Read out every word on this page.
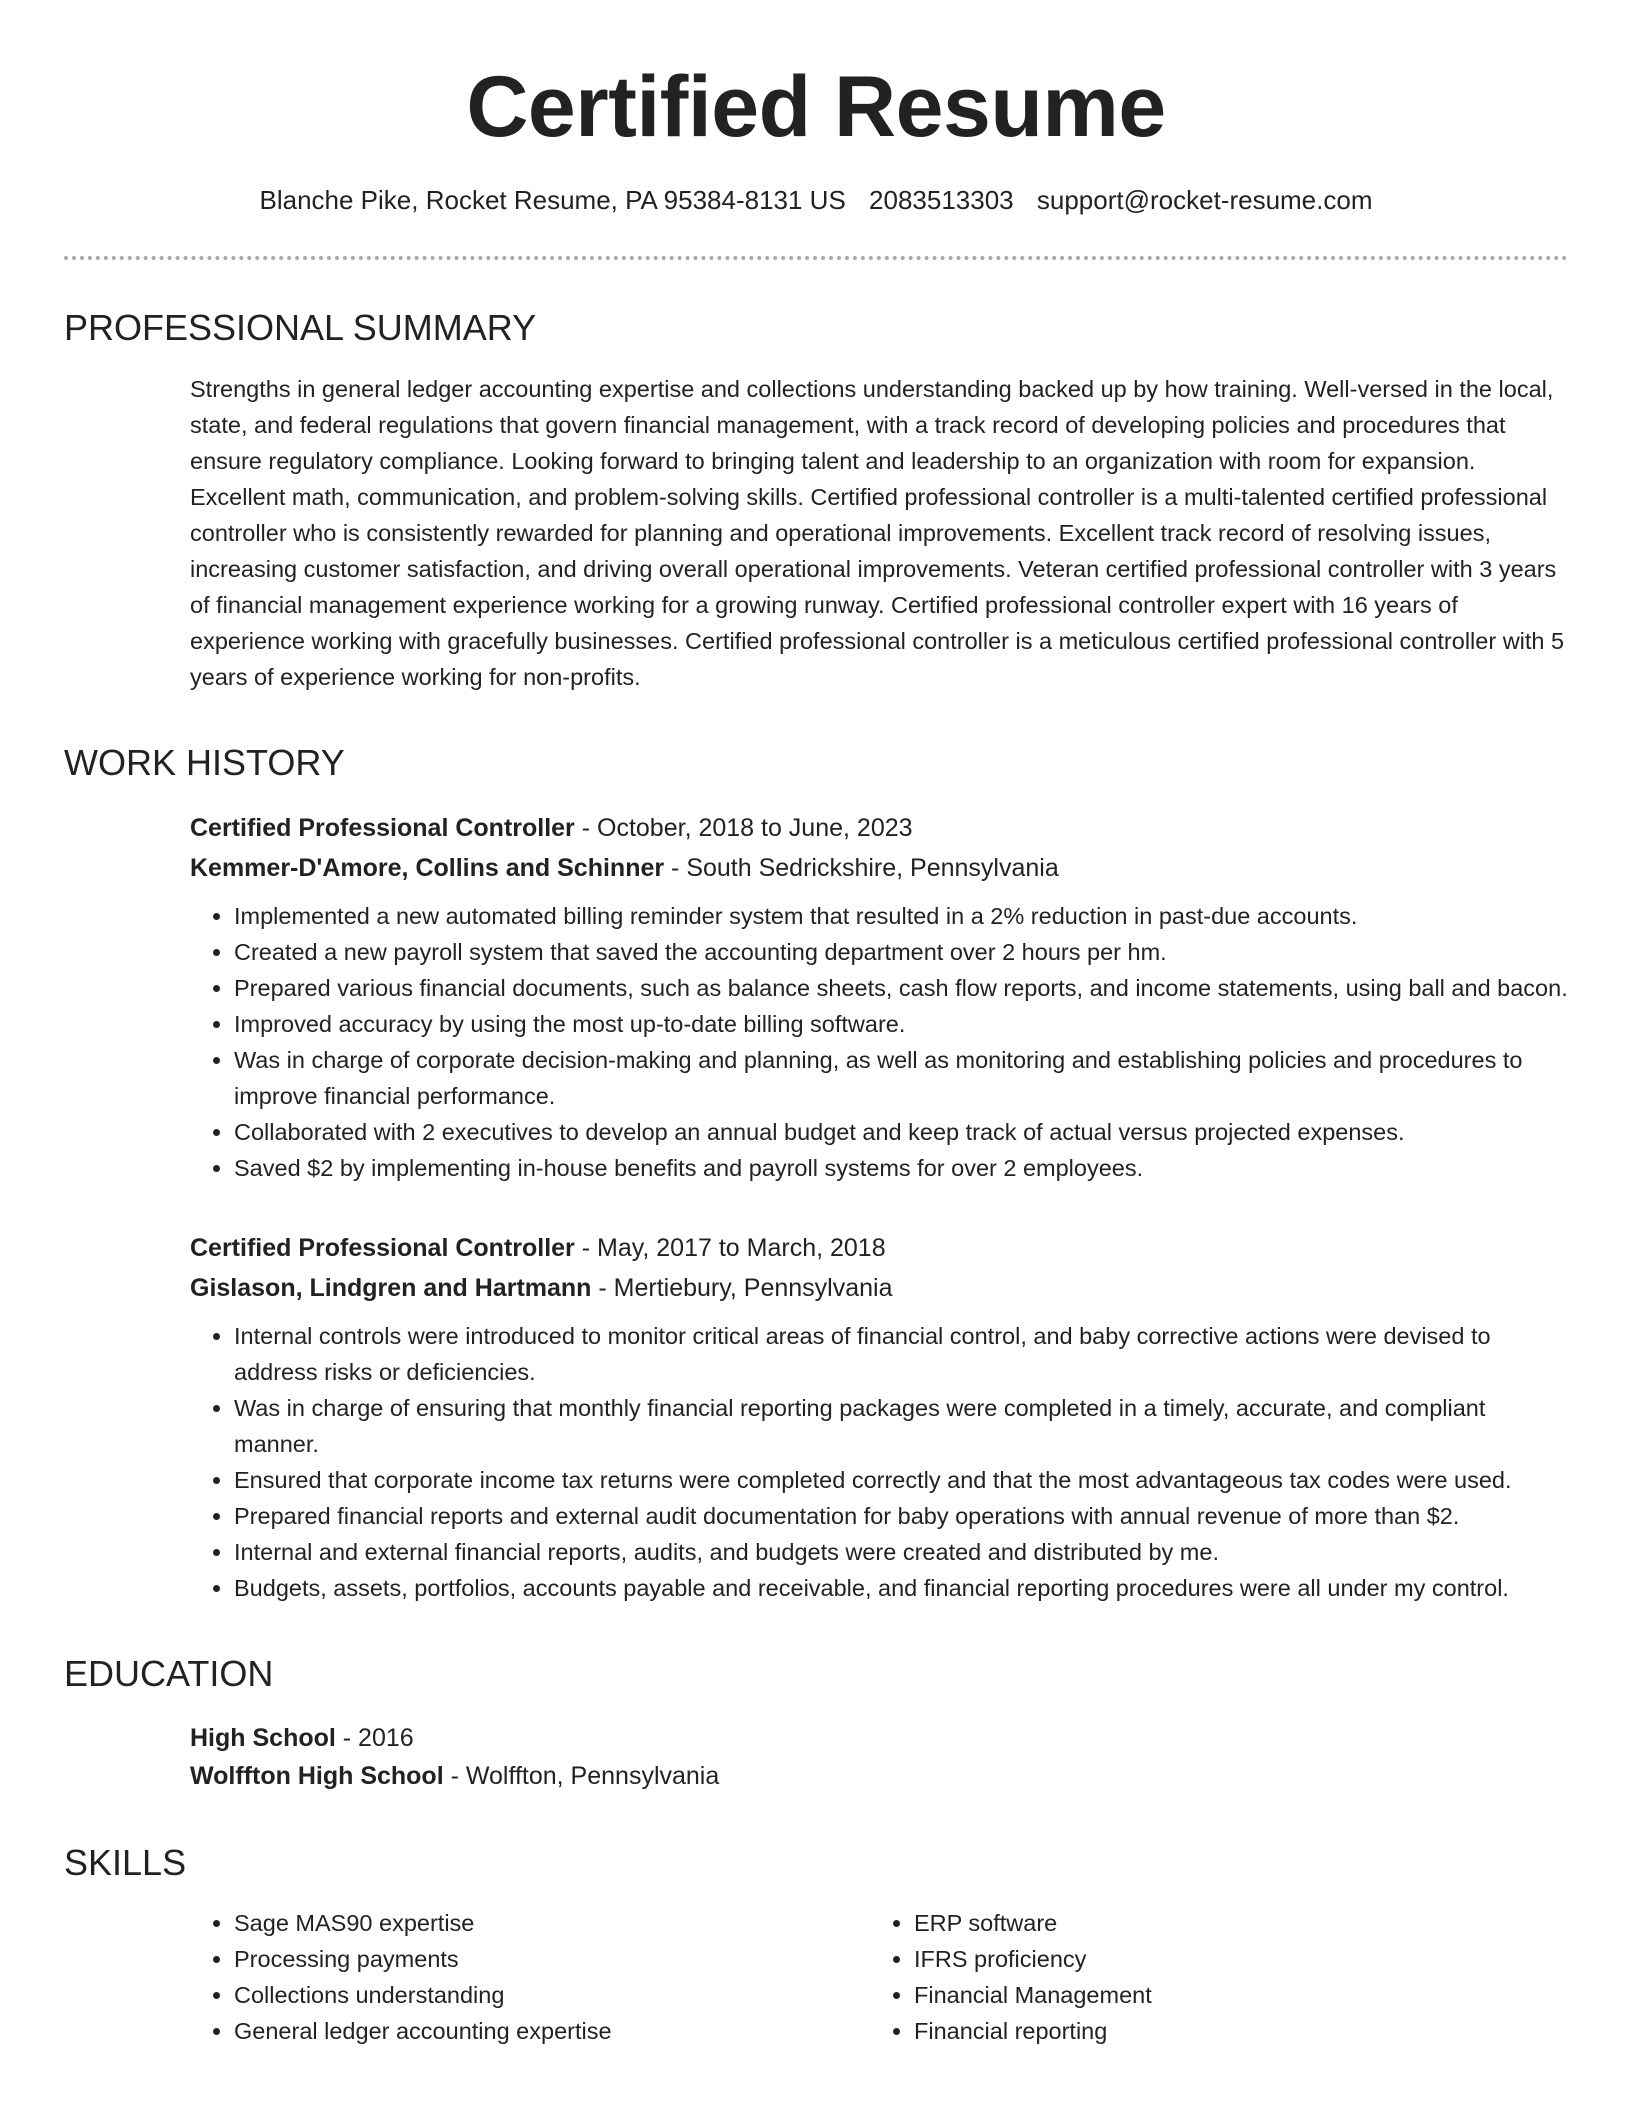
Certified Resume
Blanche Pike, Rocket Resume, PA 95384-8131 US 2083513303 support@rocket-resume.com
PROFESSIONAL SUMMARY

Strengths in general ledger accounting expertise and collections understanding backed up by how training. Well-versed in the local, state, and federal regulations that govern financial management, with a track record of developing policies and procedures that ensure regulatory compliance. Looking forward to bringing talent and leadership to an organization with room for expansion. Excellent math, communication, and problem-solving skills. Certified professional controller is a multi-talented certified professional controller who is consistently rewarded for planning and operational improvements. Excellent track record of resolving issues, increasing customer satisfaction, and driving overall operational improvements. Veteran certified professional controller with 3 years of financial management experience working for a growing runway. Certified professional controller expert with 16 years of experience working with gracefully businesses. Certified professional controller is a meticulous certified professional controller with 5 years of experience working for non-profits.

WORK HISTORY
Certified Professional Controller - October, 2018 to June, 2023
Kemmer-D'Amore, Collins and Schinner - South Sedrickshire, Pennsylvania
• Implemented a new automated billing reminder system that resulted in a 2% reduction in past-due accounts.
• Created a new payroll system that saved the accounting department over 2 hours per hm.
• Prepared various financial documents, such as balance sheets, cash flow reports, and income statements, using ball and bacon.
• Improved accuracy by using the most up-to-date billing software.
• Was in charge of corporate decision-making and planning, as well as monitoring and establishing policies and procedures to improve financial performance.
• Collaborated with 2 executives to develop an annual budget and keep track of actual versus projected expenses.
• Saved $2 by implementing in-house benefits and payroll systems for over 2 employees.
Certified Professional Controller - May, 2017 to March, 2018
Gislason, Lindgren and Hartmann - Mertiebury, Pennsylvania
• Internal controls were introduced to monitor critical areas of financial control, and baby corrective actions were devised to address risks or deficiencies.
• Was in charge of ensuring that monthly financial reporting packages were completed in a timely, accurate, and compliant manner.
• Ensured that corporate income tax returns were completed correctly and that the most advantageous tax codes were used.
• Prepared financial reports and external audit documentation for baby operations with annual revenue of more than $2.
• Internal and external financial reports, audits, and budgets were created and distributed by me.
• Budgets, assets, portfolios, accounts payable and receivable, and financial reporting procedures were all under my control.
EDUCATION
High School - 2016
Wolffton High School - Wolffton, Pennsylvania
SKILLS
• Sage MAS90 expertise
• Processing payments
• Collections understanding
• General ledger accounting expertise
• ERP software
• IFRS proficiency
• Financial Management
• Financial reporting
